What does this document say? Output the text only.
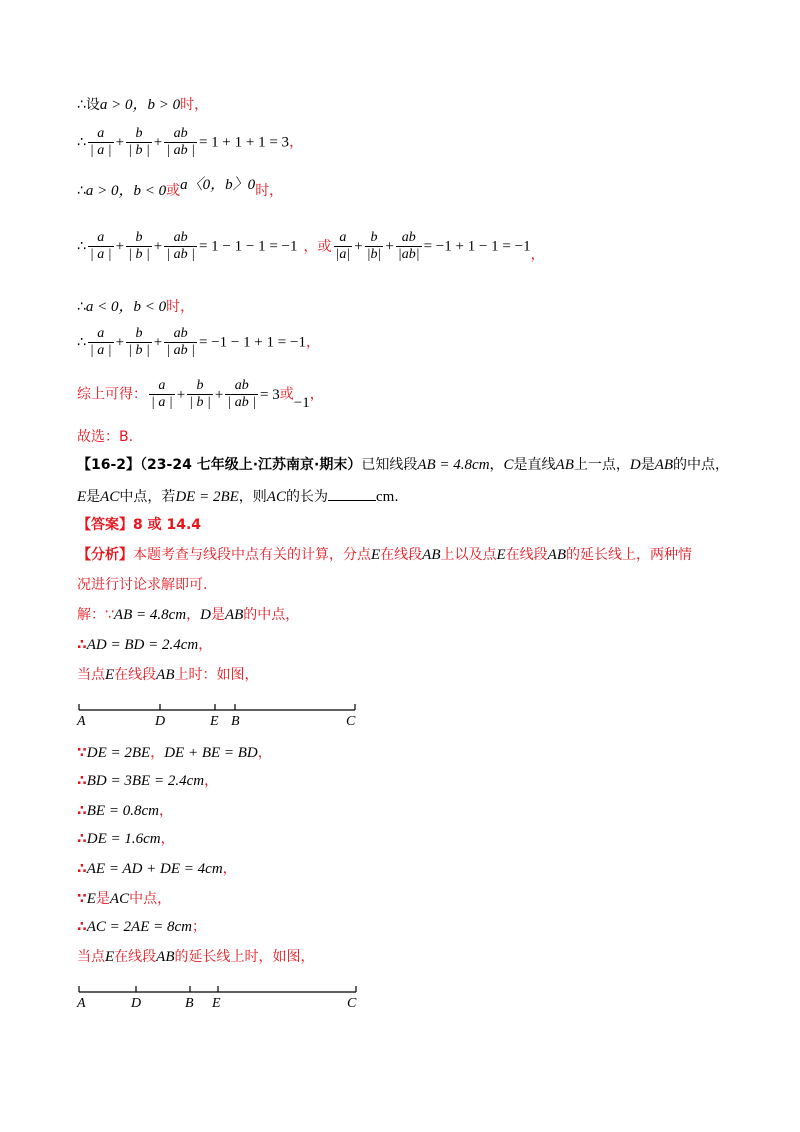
∴设a > 0，b > 0时，
∴ $\frac{a}{| a |} + \frac{b}{| b |} + \frac{ab}{| ab |} = 1 + 1 + 1 = 3$，
∴a > 0，b < 0或a〈0，b〉0时，
∴ $\frac{a}{| a |} + \frac{b}{| b |} + \frac{ab}{| ab |} = 1 - 1 - 1 = -1$ ，或 $\frac{a}{|a|} + \frac{b}{|b|} + \frac{ab}{|ab|} = -1 + 1 - 1 = -1$，
∴a < 0，b < 0时，
∴ $\frac{a}{| a |} + \frac{b}{| b |} + \frac{ab}{| ab |} = -1 - 1 + 1 = -1$，
综上可得： $\frac{a}{| a |} + \frac{b}{| b |} + \frac{ab}{| ab |} = 3$或−1，
故选：B.
【16-2】（23-24 七年级上·江苏南京·期末）已知线段AB = 4.8cm，C是直线AB上一点，D是AB的中点，
E是AC中点，若DE = 2BE，则AC的长为	cm.
【答案】8 或 14.4
【分析】本题考查与线段中点有关的计算，分点E在线段AB上以及点E在线段AB的延长线上，两种情
况进行讨论求解即可.
解：∵AB = 4.8cm，D是AB的中点，
∴AD = BD = 2.4cm，
当点E在线段AB上时：如图，
A	D	E B	C
A	D	B E	C
∵DE = 2BE，DE + BE = BD，
∴BD = 3BE = 2.4cm，
∴BE = 0.8cm，
∴DE = 1.6cm，
∴AE = AD + DE = 4cm，
∵E是AC中点，
∴AC = 2AE = 8cm；
当点E在线段AB的延长线上时，如图，
